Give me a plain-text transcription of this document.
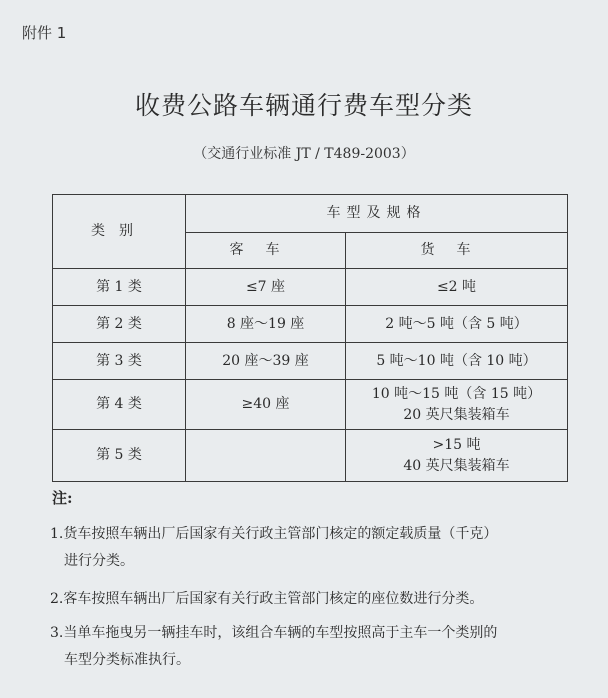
附件 1
收费公路车辆通行费车型分类
（交通行业标准 JT / T489-2003）
类别	车型及规格	
	客车	货车
第 1 类	≤7 座	≤2 吨

第 2 类	8 座～19 座	2 吨～5 吨（含 5 吨）

第 3 类	20 座～39 座	5 吨～10 吨（含 10 吨）

第 4 类	≥40 座	10 吨～15 吨（含 15 吨）
20 英尺集装箱车

第 5 类		>15 吨
40 英尺集装箱车
注:
1.货车按照车辆出厂后国家有关行政主管部门核定的额定载质量（千克）
进行分类。
2.客车按照车辆出厂后国家有关行政主管部门核定的座位数进行分类。
3.当单车拖曳另一辆挂车时，该组合车辆的车型按照高于主车一个类别的
车型分类标准执行。
